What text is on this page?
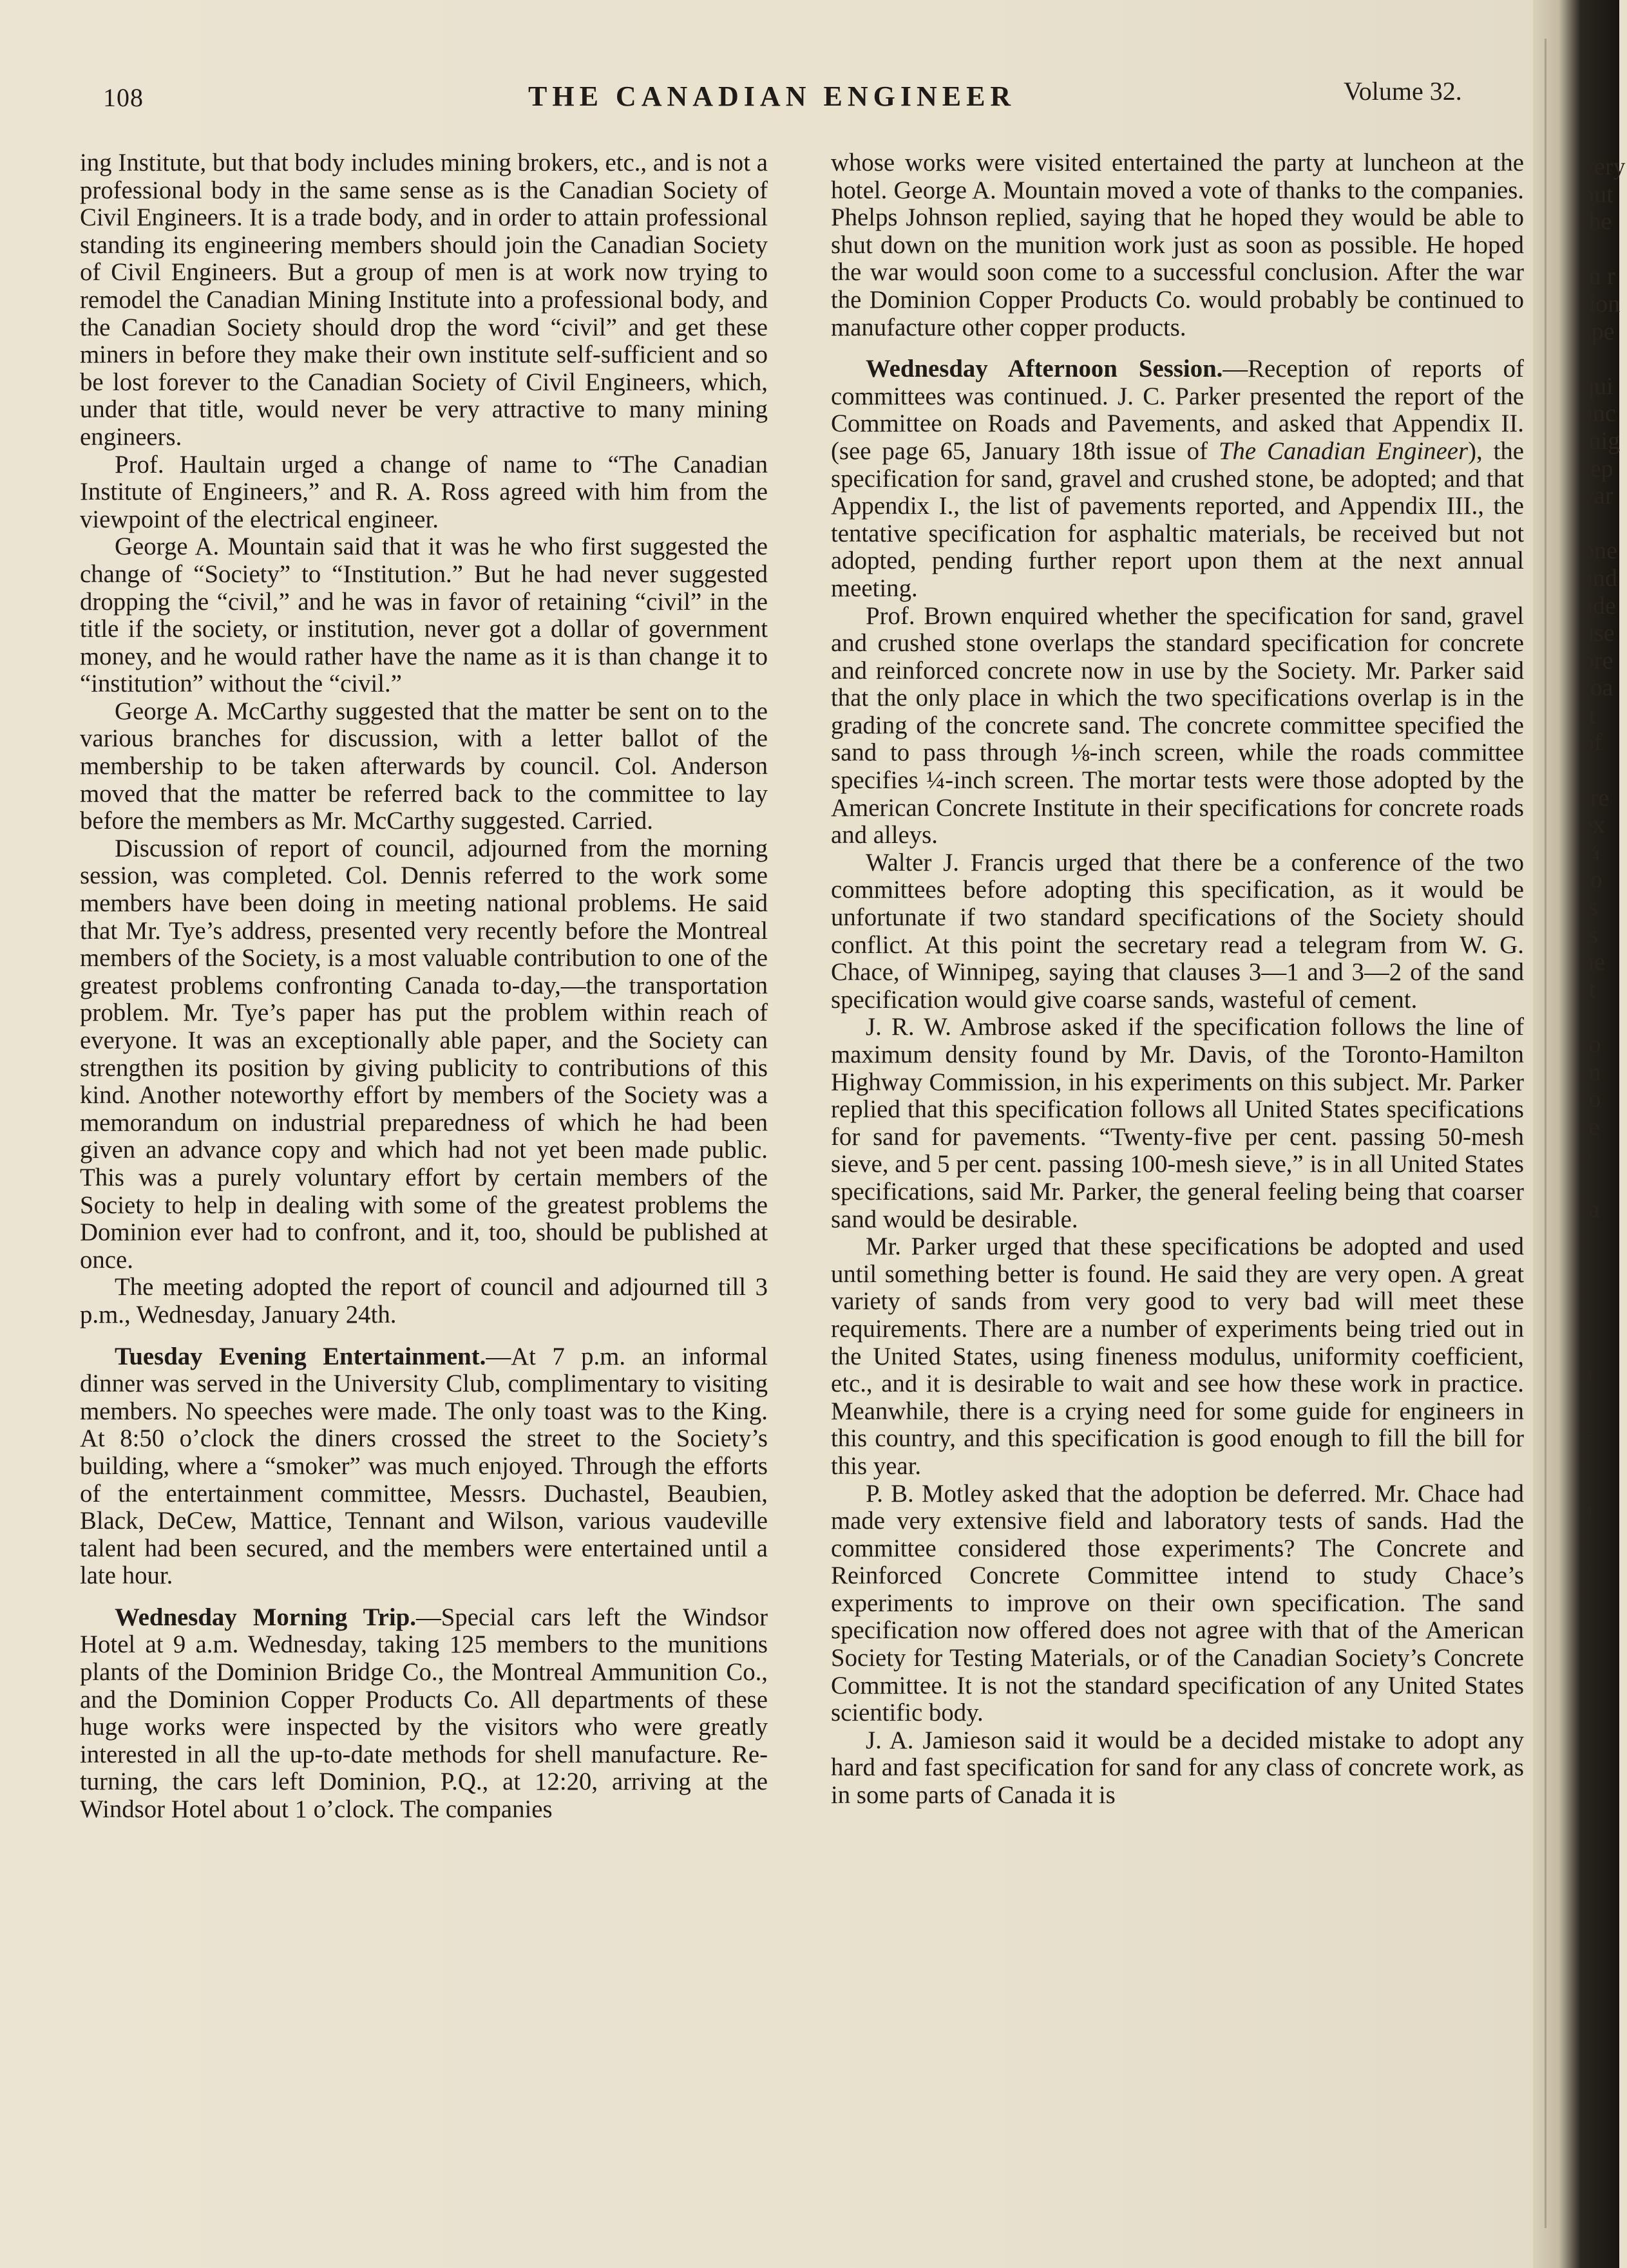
108	THE CANADIAN ENGINEER	Volume 32.

ing Institute, but that body includes mining brokers, etc., and is not a professional body in the same sense as is the Canadian Society of Civil Engineers. It is a trade body, and in order to attain professional standing its engineering members should join the Canadian Society of Civil Engineers. But a group of men is at work now trying to remodel the Canadian Mining Institute into a professional body, and the Canadian Society should drop the word “civil” and get these miners in before they make their own institute self-sufficient and so be lost forever to the Canadian Society of Civil Engineers, which, under that title, would never be very attractive to many mining engineers.

Prof. Haultain urged a change of name to “The Canadian Institute of Engineers,” and R. A. Ross agreed with him from the viewpoint of the electrical engineer.

George A. Mountain said that it was he who first suggested the change of “Society” to “Institution.” But he had never suggested dropping the “civil,” and he was in favor of retaining “civil” in the title if the society, or institution, never got a dollar of government money, and he would rather have the name as it is than change it to “institution” without the “civil.”

George A. McCarthy suggested that the matter be sent on to the various branches for discussion, with a letter ballot of the membership to be taken afterwards by council. Col. Anderson moved that the matter be referred back to the committee to lay before the members as Mr. McCarthy suggested. Carried.

Discussion of report of council, adjourned from the morning session, was completed. Col. Dennis referred to the work some members have been doing in meeting national problems. He said that Mr. Tye’s address, presented very recently before the Montreal members of the Society, is a most valuable contribution to one of the greatest problems confronting Canada to-day,—the transportation problem. Mr. Tye’s paper has put the problem within reach of everyone. It was an exceptionally able paper, and the Society can strengthen its position by giving publicity to contributions of this kind. Another noteworthy effort by members of the Society was a memorandum on industrial preparedness of which he had been given an advance copy and which had not yet been made public. This was a purely voluntary effort by certain members of the Society to help in dealing with some of the greatest problems the Dominion ever had to confront, and it, too, should be published at once.

The meeting adopted the report of council and adjourned till 3 p.m., Wednesday, January 24th.

Tuesday Evening Entertainment.—At 7 p.m. an informal dinner was served in the University Club, complimentary to visiting members. No speeches were made. The only toast was to the King. At 8:50 o’clock the diners crossed the street to the Society’s building, where a “smoker” was much enjoyed. Through the efforts of the entertainment committee, Messrs. Duchastel, Beaubien, Black, DeCew, Mattice, Tennant and Wilson, various vaudeville talent had been secured, and the members were entertained until a late hour.

Wednesday Morning Trip.—Special cars left the Windsor Hotel at 9 a.m. Wednesday, taking 125 members to the munitions plants of the Dominion Bridge Co., the Montreal Ammunition Co., and the Dominion Copper Products Co. All departments of these huge works were inspected by the visitors who were greatly interested in all the up-to-date methods for shell manufacture. Returning, the cars left Dominion, P.Q., at 12:20, arriving at the Windsor Hotel about 1 o’clock. The companies

whose works were visited entertained the party at luncheon at the hotel. George A. Mountain moved a vote of thanks to the companies. Phelps Johnson replied, saying that he hoped they would be able to shut down on the munition work just as soon as possible. He hoped the war would soon come to a successful conclusion. After the war the Dominion Copper Products Co. would probably be continued to manufacture other copper products.

Wednesday Afternoon Session.—Reception of reports of committees was continued. J. C. Parker presented the report of the Committee on Roads and Pavements, and asked that Appendix II. (see page 65, January 18th issue of The Canadian Engineer), the specification for sand, gravel and crushed stone, be adopted; and that Appendix I., the list of pavements reported, and Appendix III., the tentative specification for asphaltic materials, be received but not adopted, pending further report upon them at the next annual meeting.

Prof. Brown enquired whether the specification for sand, gravel and crushed stone overlaps the standard specification for concrete and reinforced concrete now in use by the Society. Mr. Parker said that the only place in which the two specifications overlap is in the grading of the concrete sand. The concrete committee specified the sand to pass through ⅛-inch screen, while the roads committee specifies ¼-inch screen. The mortar tests were those adopted by the American Concrete Institute in their specifications for concrete roads and alleys.

Walter J. Francis urged that there be a conference of the two committees before adopting this specification, as it would be unfortunate if two standard specifications of the Society should conflict. At this point the secretary read a telegram from W. G. Chace, of Winnipeg, saying that clauses 3—1 and 3—2 of the sand specification would give coarse sands, wasteful of cement.

J. R. W. Ambrose asked if the specification follows the line of maximum density found by Mr. Davis, of the Toronto-Hamilton Highway Commission, in his experiments on this subject. Mr. Parker replied that this specification follows all United States specifications for sand for pavements. “Twenty-five per cent. passing 50-mesh sieve, and 5 per cent. passing 100-mesh sieve,” is in all United States specifications, said Mr. Parker, the general feeling being that coarser sand would be desirable.

Mr. Parker urged that these specifications be adopted and used until something better is found. He said they are very open. A great variety of sands from very good to very bad will meet these requirements. There are a number of experiments being tried out in the United States, using fineness modulus, uniformity coefficient, etc., and it is desirable to wait and see how these work in practice. Meanwhile, there is a crying need for some guide for engineers in this country, and this specification is good enough to fill the bill for this year.

P. B. Motley asked that the adoption be deferred. Mr. Chace had made very extensive field and laboratory tests of sands. Had the committee considered those experiments? The Concrete and Reinforced Concrete Committee intend to study Chace’s experiments to improve on their own specification. The sand specification now offered does not agree with that of the American Society for Testing Materials, or of the Canadian Society’s Concrete Committee. It is not the standard specification of any United States scientific body.

J. A. Jamieson said it would be a decided mistake to adopt any hard and fast specification for sand for any class of concrete work, as in some parts of Canada it is

very
out
the
in r
tion
spe
qui
anc
mig
rep
var
one
and
ade
use
pre
roa
it
of
fre
ex
¼
fo
is
is
ne
it
to
m
to
te
s
la
c
t
i
i
a
c
i
a
t
s
t
